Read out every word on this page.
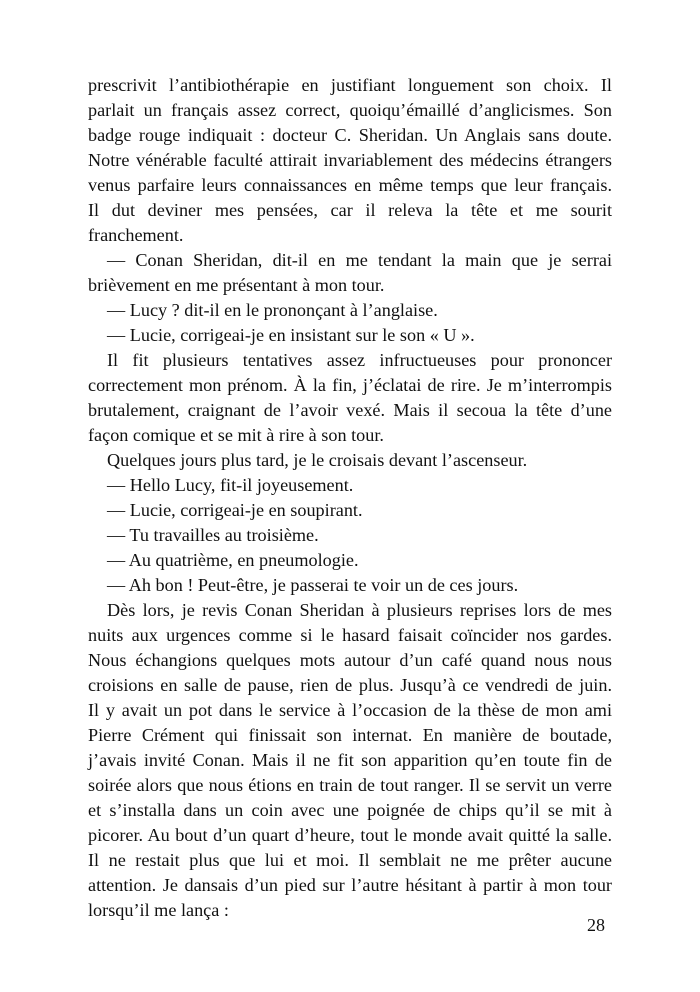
prescrivit l’antibiothérapie en justifiant longuement son choix. Il
parlait un français assez correct, quoiqu’émaillé d’anglicismes. Son
badge rouge indiquait : docteur C. Sheridan. Un Anglais sans doute.
Notre vénérable faculté attirait invariablement des médecins étrangers
venus parfaire leurs connaissances en même temps que leur français.
Il dut deviner mes pensées, car il releva la tête et me sourit
franchement.
— Conan Sheridan, dit-il en me tendant la main que je serrai
brièvement en me présentant à mon tour.
— Lucy ? dit-il en le prononçant à l’anglaise.
— Lucie, corrigeai-je en insistant sur le son « U ».
Il fit plusieurs tentatives assez infructueuses pour prononcer
correctement mon prénom. À la fin, j’éclatai de rire. Je m’interrompis
brutalement, craignant de l’avoir vexé. Mais il secoua la tête d’une
façon comique et se mit à rire à son tour.
Quelques jours plus tard, je le croisais devant l’ascenseur.
— Hello Lucy, fit-il joyeusement.
— Lucie, corrigeai-je en soupirant.
— Tu travailles au troisième.
— Au quatrième, en pneumologie.
— Ah bon ! Peut-être, je passerai te voir un de ces jours.
Dès lors, je revis Conan Sheridan à plusieurs reprises lors de mes
nuits aux urgences comme si le hasard faisait coïncider nos gardes.
Nous échangions quelques mots autour d’un café quand nous nous
croisions en salle de pause, rien de plus. Jusqu’à ce vendredi de juin.
Il y avait un pot dans le service à l’occasion de la thèse de mon ami
Pierre Crément qui finissait son internat. En manière de boutade,
j’avais invité Conan. Mais il ne fit son apparition qu’en toute fin de
soirée alors que nous étions en train de tout ranger. Il se servit un verre
et s’installa dans un coin avec une poignée de chips qu’il se mit à
picorer. Au bout d’un quart d’heure, tout le monde avait quitté la salle.
Il ne restait plus que lui et moi. Il semblait ne me prêter aucune
attention. Je dansais d’un pied sur l’autre hésitant à partir à mon tour
lorsqu’il me lança :
28
